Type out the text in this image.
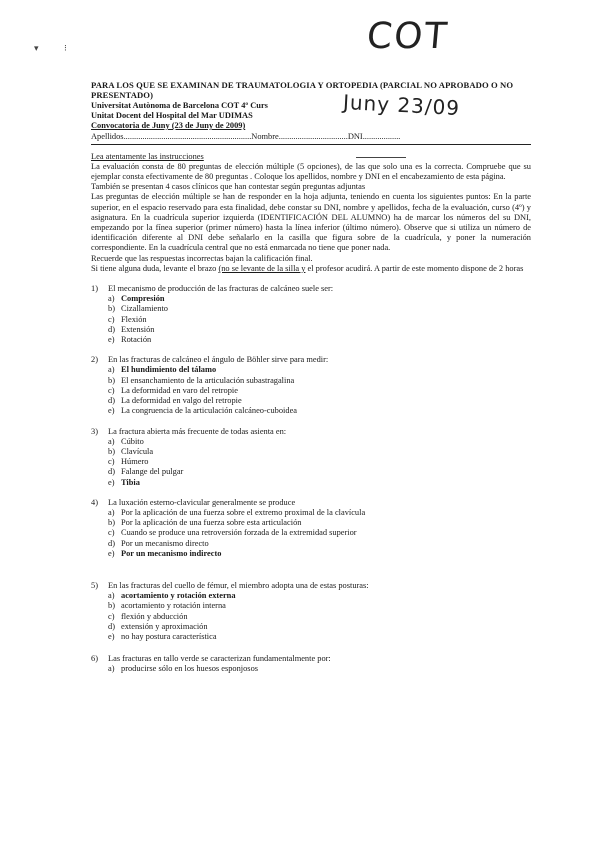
▾	⁝	COT
Juny 23/09
PARA LOS QUE SE EXAMINAN DE TRAUMATOLOGIA Y ORTOPEDIA (PARCIAL NO APROBADO O NO PRESENTADO)
Universitat Autònoma de Barcelona COT 4º Curs
Unitat Docent del Hospital del Mar UDIMAS
Convocatoria de Juny (23 de Juny de 2009)
Apellidos.............................................................Nombre.................................DNI..................
Lea atentamente las instrucciones
La evaluación consta de 80 preguntas de elección múltiple (5 opciones), de las que solo una es la correcta. Compruebe que su ejemplar consta efectivamente de 80 preguntas . Coloque los apellidos, nombre y DNI en el encabezamiento de esta página.
También se presentan 4 casos clínicos que han contestar según preguntas adjuntas
Las preguntas de elección múltiple se han de responder en la hoja adjunta, teniendo en cuenta los siguientes puntos: En la parte superior, en el espacio reservado para esta finalidad, debe constar su DNI, nombre y apellidos, fecha de la evaluación, curso (4º) y asignatura. En la cuadrícula superior izquierda (IDENTIFICACIÓN DEL ALUMNO) ha de marcar los números del su DNI, empezando por la fínea superior (primer número) hasta la línea inferior (último número). Observe que si utiliza un número de identificación diferente al DNI debe señalarlo en la casilla que figura sobre de la cuadrícula, y poner la numeración correspondiente. En la cuadrícula central que no está enmarcada no tiene que poner nada.
Recuerde que las respuestas incorrectas bajan la calificación final.
Si tiene alguna duda, levante el brazo (no se levante de la silla y el profesor acudirá. A partir de este momento dispone de 2 horas
1)	El mecanismo de producción de las fracturas de calcáneo suele ser:
a) Compresión
b) Cizallamiento
c) Flexión
d) Extensión
e) Rotación
2)	En las fracturas de calcáneo el ángulo de Böhler sirve para medir:
a) El hundimiento del tálamo
b) El ensanchamiento de la articulación subastragalina
c) La deformidad en varo del retropie
d) La deformidad en valgo del retropie
e) La congruencia de la articulación calcáneo-cuboidea
3)	La fractura abierta más frecuente de todas asienta en:
a) Cúbito
b) Clavícula
c) Húmero
d) Falange del pulgar
e) Tibia
4)	La luxación esterno-clavicular generalmente se produce
a) Por la aplicación de una fuerza sobre el extremo proximal de la clavícula
b) Por la aplicación de una fuerza sobre esta articulación
c) Cuando se produce una retroversión forzada de la extremidad superior
d) Por un mecanismo directo
e) Por un mecanismo indirecto
5)	En las fracturas del cuello de fémur, el miembro adopta una de estas posturas:
a) acortamiento y rotación externa
b) acortamiento y rotación interna
c) flexión y abducción
d) extensión y aproximación
e) no hay postura característica
6)	Las fracturas en tallo verde se caracterizan fundamentalmente por:
a) producirse sólo en los huesos esponjosos
